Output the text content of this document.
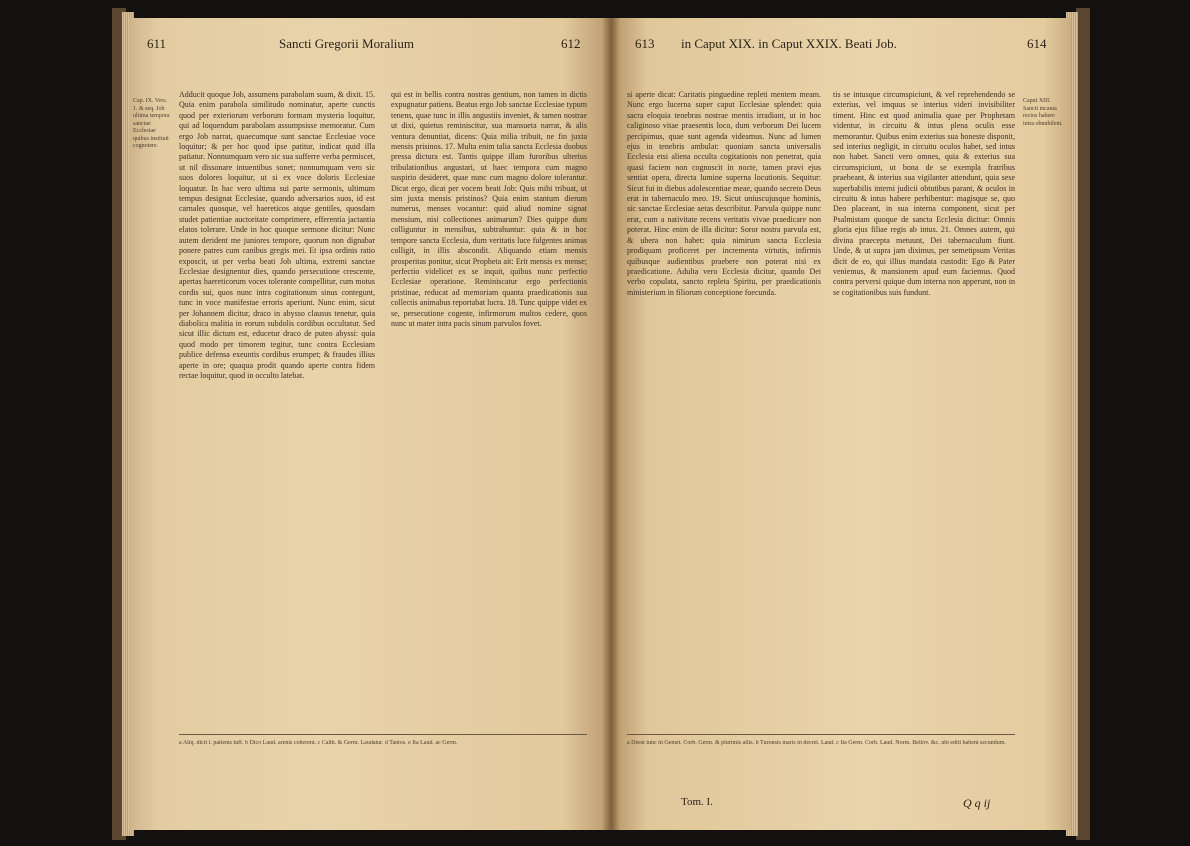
611	Sancti Gregorii Moralium	612
Cap. IX. Vers. 1. & seq. Job ultima tempora sanctae Ecclesiae quibus instituit cognotere.
Adducit quoque Job, assumens parabolam suam, & dixit. 15. Quia enim parabola similitudo nominatur, aperte cunctis quod per exteriorum verborum formam mysteria loquitur, qui ad loquendum parabolam assumpsisse memoratur. Cum ergo Job narrat, quaecumque sunt sanctae Ecclesiae voce loquitur; & per hoc quod ipse patitur, indicat quid illa patiatur. Nonnumquam vero sic sua sufferre verba permiscet, ut nil dissonare intuentibus sonet; nonnumquam vero sic suos dolores loquitur, ut si ex voce doloris Ecclesiae loquatur. In hac vero ultima sui parte sermonis, ultimum tempus designat Ecclesiae, quando adversarios suos, id est carnales quosque, vel haereticos atque gentiles, quosdam studet patientiae auctoritate comprimere, efferentia jactantia elatos tolerare. Unde in hoc quoque sermone dicitur: Nunc autem derident me juniores tempore, quorum non dignabar ponere patres cum canibus gregis mei. Et ipsa ordinis ratio exposcit, ut per verba beati Job ultima, extremi sanctae Ecclesiae designentur dies, quando persecutione crescente, apertas haereticorum voces tolerante compellitur, cum motus cordis sui, quos nunc intra cogitationum sinus contegunt, tunc in voce manifestae erroris aperiunt. Nunc enim, sicut per Johannem dicitur, draco in abysso clausus tenetur, quia diabolica malitia in eorum subdolis cordibus occultatur. Sed sicut illic dictum est, educetur draco de puteo abyssi: quia quod modo per timorem tegitur, tunc contra Ecclesiam publice defensa exeuntis cordibus erumpet; & fraudes illius aperte in ore; quaqua prodit quando aperte contra fidem rectae loquitur, quod in occulto latebat.
qui est in bellis contra nostras gentium, non tamen in dictis expugnatur patiens. Beatus ergo Job sanctae Ecclesiae typum tenens, quae tunc in illis angustiis inveniet, & tamen nostrae ut dixi, quietus reminiscitur, sua mansueta narrat, & alis ventura denuntiat, dicens: Quia milia tribuit, ne fin juxta mensis prisinos. 17. Multa enim talia sancta Ecclesia duobus pressa dictura est. Tantis quippe illam furoribus ulterius tribulationibus angustari, ut haec tempora cum magno suspirio desideret, quae nunc cum magno dolore tolerantur. Dicat ergo, dicat per vocem beati Job: Quis mihi tribuat, ut sim juxta mensis pristinos? Quia enim stantum dierum numerus, menses vocantur: quid aliud nomine signat mensium, nisi collectiones animarum? Dies quippe dum colliguntur in mensibus, subtrahuntur: quia & in hoc tempore sancta Ecclesia, dum veritatis luce fulgentes animas colligit, in illis abscondit. Aliquando etiam mensis prosperitas ponitur, sicut Propheta ait: Erit mensis ex mense; perfectio videlicet ex se inquit, quibus nunc perfectio Ecclesiae operatione. Reminiscatur ergo perfectionis pristinae, reducat ad memoriam quanta praedicationis sua collectis animabus reportabat lucra. 18. Tunc quippe videt ex se, persecutione cogente, infirmorum multos cedere, quos nunc ut mater intra pacis sinum parvulos fovet.
a Aliq. dicit l. patients tuff. b Dico Laud. arenis coherent. c Calth. & Germ. Laudatur. d Tantos. e Ita Laud. ac Germ.
613 in Caput XIX. in Caput XXIX. Beati Job.	614
si aperte dicat: Caritatis pinguedine repleti mentem meam. Nunc ergo lucerna super caput Ecclesiae splendet: quia sacra eloquia tenebras nostrae mentis irradiant, ut in hoc caliginoso vitae praesentis loco, dum verborum Dei lucem percipimus, quae sunt agenda videamus. Nunc ad lumen ejus in tenebris ambulat: quoniam sancta universalis Ecclesia etsi aliena occulta cogitationis non penetrat, quia quasi faciem non cognoscit in nocte, tamen pravi ejus sentiat opera, directa lumine superna locutionis. Sequitur: Sicut fui in diebus adolescentiae meae, quando secreto Deus erat in tabernaculo meo. 19. Sicut uniuscujusque hominis, sic sanctae Ecclesiae aetas describitur. Parvula quippe nunc erat, cum a nativitate recens veritatis vivae praedicare non poterat. Hinc enim de illa dicitur: Soror nostra parvula est, & ubera non habet: quia nimirum sancta Ecclesia prodiquam proficeret per incrementa virtutis, infirmis quibusque audientibus praebere non poterat nisi ex praedicatione. Adulta vero Ecclesia dicitur, quando Dei verbo copulata, sancto repleta Spiritu, per praedicationis ministerium in filiorum conceptione foecunda.
tis se intusque circumspiciunt, & vel reprehendendo se exterius, vel imquus se interius videri invisibiliter timent. Hinc est quod animalia quae per Prophetam videntur, in circuitu & intus plena oculis esse memorantur. Quibus enim exterius sua honeste disponit, sed interius negligit, in circuitu oculos habet, sed intus non habet. Sancti vero omnes, quia & exterius sua circumspiciunt, ut bona de se exempla fratribus praebeant, & interius sua vigilanter attendunt, quia sese superbabilis interni judicii obtutibus parant, & oculos in circuitu & intus habere perhibentur: magisque se, quo Deo placeant, in sua interna component, sicut per Psalmistam quoque de sancta Ecclesia dicitur: Omnis gloria ejus filiae regis ab intus. 21. Omnes autem, qui divina praecepta metuunt, Dei tabernaculum fiunt. Unde, & ut supra jam diximus, per semetipsum Veritas dicit de eo, qui illius mandata custodit: Ego & Pater veniemus, & mansionem apud eum faciemus. Quod contra perversi quique dum interna non apperunt, non in se cogitationibus suis fundunt.
Caput XIII. Sancti incauta rectos habere intra obnubilent.
a Deest tunc in Gemet. Corb. Germ. & plurimis aliis. b Turonsis maris in decret. Laud. c Ita Germ. Corb. Laud. Norm. Bellov. &c. ubi editi habent secundum.
Tom. I.	Q q ij
